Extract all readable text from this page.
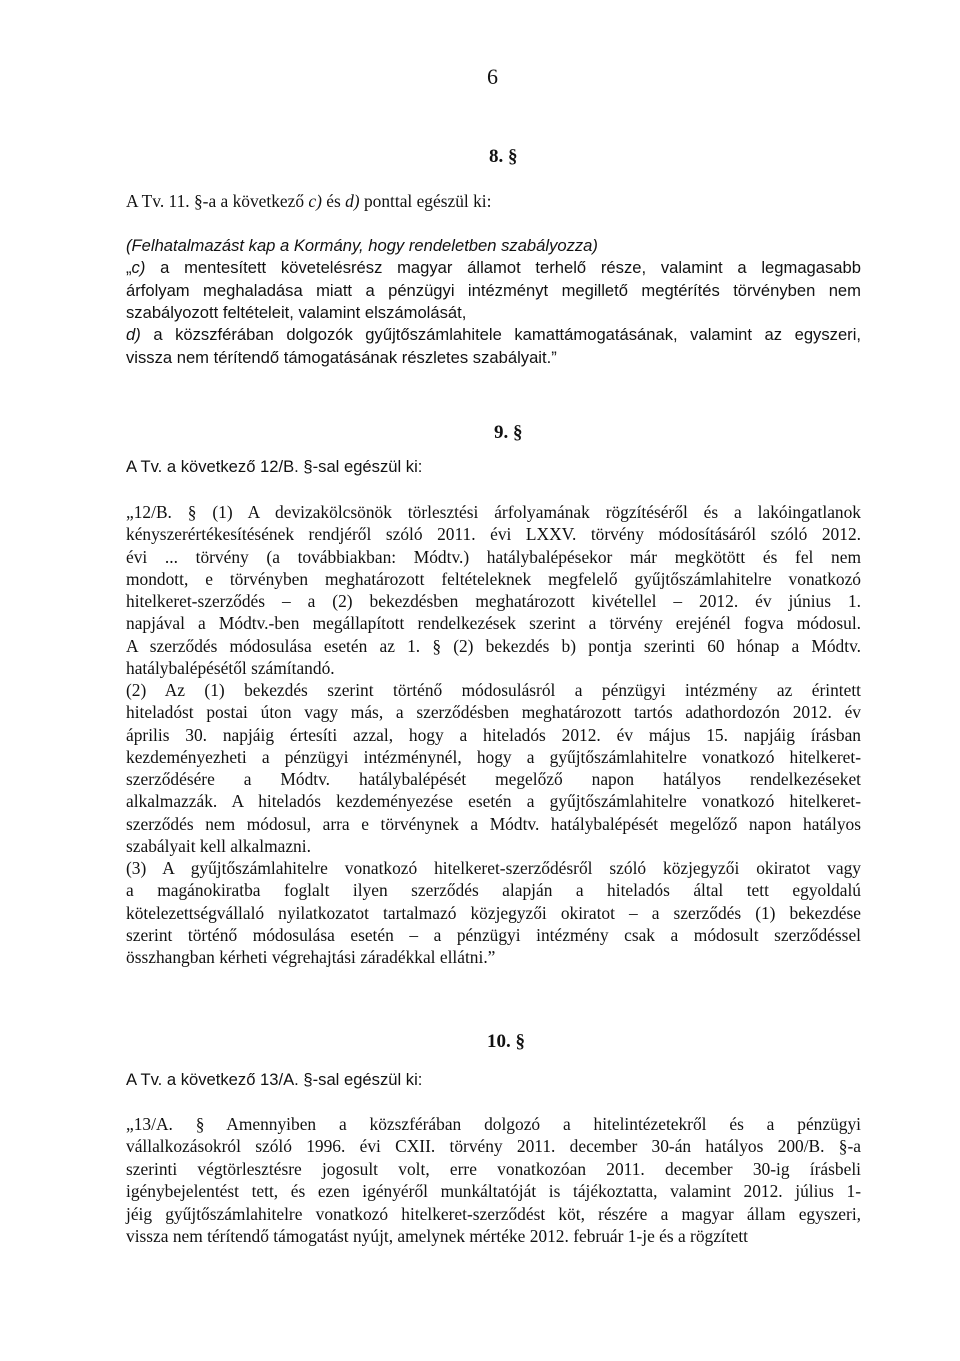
6
8. §
A Tv. 11. §-a a következő c) és d) ponttal egészül ki:
(Felhatalmazást kap a Kormány, hogy rendeletben szabályozza)
„c) a mentesített követelésrész magyar államot terhelő része, valamint a legmagasabb
árfolyam meghaladása miatt a pénzügyi intézményt megillető megtérítés törvényben nem
szabályozott feltételeit, valamint elszámolását,
d) a közszférában dolgozók gyűjtőszámlahitele kamattámogatásának, valamint az egyszeri,
vissza nem térítendő támogatásának részletes szabályait.”
9. §
A Tv. a következő 12/B. §-sal egészül ki:
„12/B. § (1) A devizakölcsönök törlesztési árfolyamának rögzítéséről és a lakóingatlanok
kényszerértékesítésének rendjéről szóló 2011. évi LXXV. törvény módosításáról szóló 2012.
évi ... törvény (a továbbiakban: Módtv.) hatálybalépésekor már megkötött és fel nem
mondott, e törvényben meghatározott feltételeknek megfelelő gyűjtőszámlahitelre vonatkozó
hitelkeret-szerződés – a (2) bekezdésben meghatározott kivétellel – 2012. év június 1.
napjával a Módtv.-ben megállapított rendelkezések szerint a törvény erejénél fogva módosul.
A szerződés módosulása esetén az 1. § (2) bekezdés b) pontja szerinti 60 hónap a Módtv.
hatálybalépésétől számítandó.
(2) Az (1) bekezdés szerint történő módosulásról a pénzügyi intézmény az érintett
hiteladóst postai úton vagy más, a szerződésben meghatározott tartós adathordozón 2012. év
április 30. napjáig értesíti azzal, hogy a hiteladós 2012. év május 15. napjáig írásban
kezdeményezheti a pénzügyi intézménynél, hogy a gyűjtőszámlahitelre vonatkozó hitelkeret-
szerződésére a Módtv. hatálybalépését megelőző napon hatályos rendelkezéseket
alkalmazzák. A hiteladós kezdeményezése esetén a gyűjtőszámlahitelre vonatkozó hitelkeret-
szerződés nem módosul, arra e törvénynek a Módtv. hatálybalépését megelőző napon hatályos
szabályait kell alkalmazni.
(3) A gyűjtőszámlahitelre vonatkozó hitelkeret-szerződésről szóló közjegyzői okiratot vagy
a magánokiratba foglalt ilyen szerződés alapján a hiteladós által tett egyoldalú
kötelezettségvállaló nyilatkozatot tartalmazó közjegyzői okiratot – a szerződés (1) bekezdése
szerint történő módosulása esetén – a pénzügyi intézmény csak a módosult szerződéssel
összhangban kérheti végrehajtási záradékkal ellátni.”
10. §
A Tv. a következő 13/A. §-sal egészül ki:
„13/A. § Amennyiben a közszférában dolgozó a hitelintézetekről és a pénzügyi
vállalkozásokról szóló 1996. évi CXII. törvény 2011. december 30-án hatályos 200/B. §-a
szerinti végtörlesztésre jogosult volt, erre vonatkozóan 2011. december 30-ig írásbeli
igénybejelentést tett, és ezen igényéről munkáltatóját is tájékoztatta, valamint 2012. július 1-
jéig gyűjtőszámlahitelre vonatkozó hitelkeret-szerződést köt, részére a magyar állam egyszeri,
vissza nem térítendő támogatást nyújt, amelynek mértéke 2012. február 1-je és a rögzített
